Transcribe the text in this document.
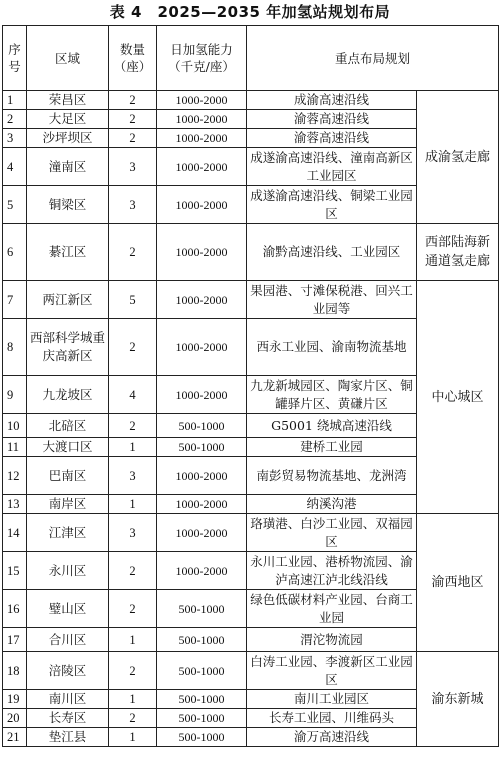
表 4　2025—2035 年加氢站规划布局
序号	区域	数量（座）	日加氢能力（千克/座）	重点布局规划	
1	荣昌区	2	1000-2000	成渝高速沿线	成渝氢走廊
2	大足区	2	1000-2000	渝蓉高速沿线	
3	沙坪坝区	2	1000-2000	渝蓉高速沿线	
4	潼南区	3	1000-2000	成遂渝高速沿线、潼南高新区工业园区	
5	铜梁区	3	1000-2000	成遂渝高速沿线、铜梁工业园区	
6	綦江区	2	1000-2000	渝黔高速沿线、工业园区	西部陆海新通道氢走廊
7	两江新区	5	1000-2000	果园港、寸滩保税港、回兴工业园等	中心城区
8	西部科学城重庆高新区	2	1000-2000	西永工业园、渝南物流基地	
9	九龙坡区	4	1000-2000	九龙新城园区、陶家片区、铜罐驿片区、黄磏片区	
10	北碚区	2	500-1000	G5001 绕城高速沿线	
11	大渡口区	1	500-1000	建桥工业园	
12	巴南区	3	1000-2000	南彭贸易物流基地、龙洲湾	
13	南岸区	1	1000-2000	纳溪沟港	
14	江津区	3	1000-2000	珞璜港、白沙工业园、双福园区	渝西地区
15	永川区	2	1000-2000	永川工业园、港桥物流园、渝泸高速江泸北线沿线	
16	璧山区	2	500-1000	绿色低碳材料产业园、台商工业园	
17	合川区	1	500-1000	渭沱物流园	
18	涪陵区	2	500-1000	白涛工业园、李渡新区工业园区	渝东新城
19	南川区	1	500-1000	南川工业园区	
20	长寿区	2	500-1000	长寿工业园、川维码头	
21	垫江县	1	500-1000	渝万高速沿线	
